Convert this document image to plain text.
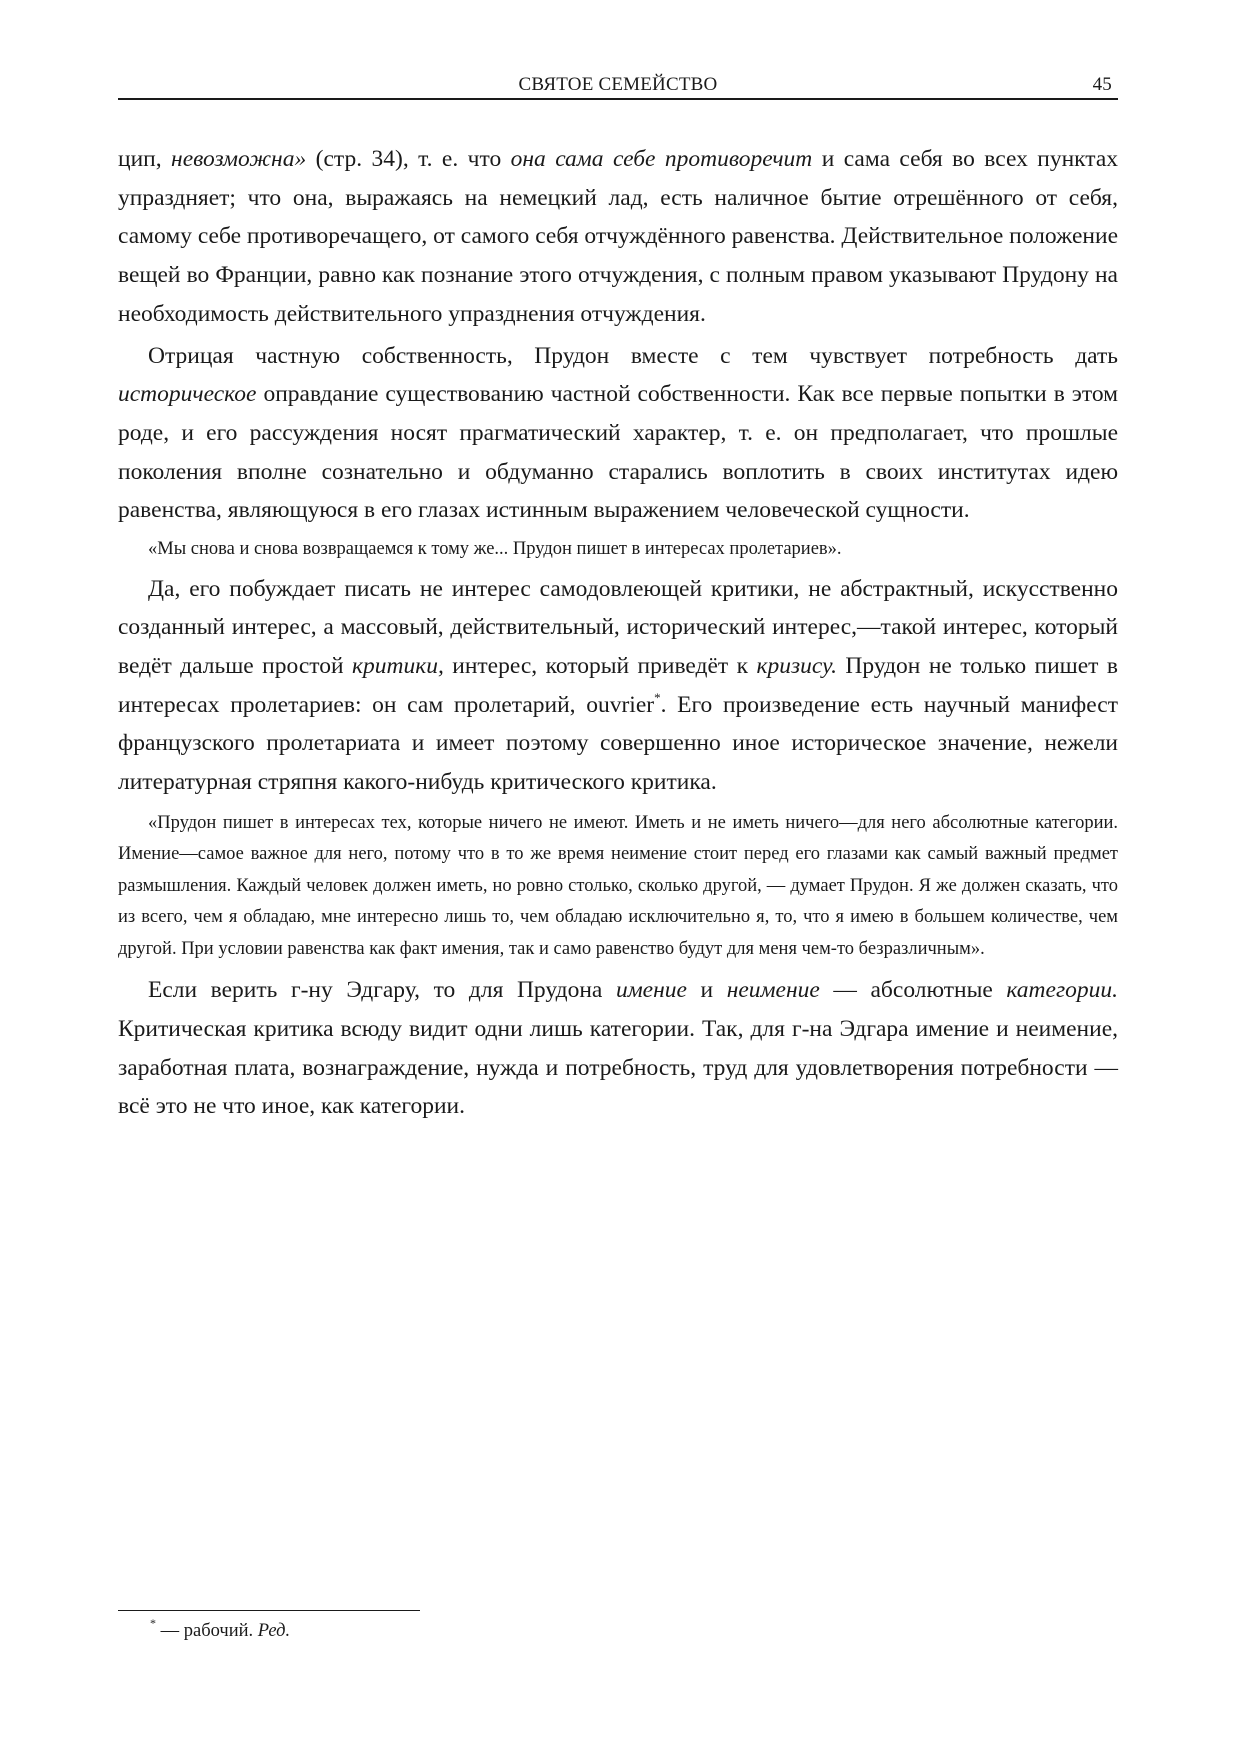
СВЯТОЕ СЕМЕЙСТВО	45

цип, невозможна» (стр. 34), т. е. что она сама себе противоречит и сама себя во всех пунктах упраздняет; что она, выражаясь на немецкий лад, есть наличное бытие отрешённого от себя, самому себе противоречащего, от самого себя отчуждённого равенства. Действительное положение вещей во Франции, равно как познание этого отчуждения, с полным правом указывают Прудону на необходимость действительного упразднения отчуждения.

Отрицая частную собственность, Прудон вместе с тем чувствует потребность дать историческое оправдание существованию частной собственности. Как все первые попытки в этом роде, и его рассуждения носят прагматический характер, т. е. он предполагает, что прошлые поколения вполне сознательно и обдуманно старались воплотить в своих институтах идею равенства, являющуюся в его глазах истинным выражением человеческой сущности.

«Мы снова и снова возвращаемся к тому же... Прудон пишет в интересах пролетариев».

Да, его побуждает писать не интерес самодовлеющей критики, не абстрактный, искусственно созданный интерес, а массовый, действительный, исторический интерес,—такой интерес, который ведёт дальше простой критики, интерес, который приведёт к кризису. Прудон не только пишет в интересах пролетариев: он сам пролетарий, ouvrier*. Его произведение есть научный манифест французского пролетариата и имеет поэтому совершенно иное историческое значение, нежели литературная стряпня какого-нибудь критического критика.

«Прудон пишет в интересах тех, которые ничего не имеют. Иметь и не иметь ничего—для него абсолютные категории. Имение—самое важное для него, потому что в то же время неимение стоит перед его глазами как самый важный предмет размышления. Каждый человек должен иметь, но ровно столько, сколько другой, — думает Прудон. Я же должен сказать, что из всего, чем я обладаю, мне интересно лишь то, чем обладаю исключительно я, то, что я имею в большем количестве, чем другой. При условии равенства как факт имения, так и само равенство будут для меня чем-то безразличным».

Если верить г-ну Эдгару, то для Прудона имение и неимение — абсолютные категории. Критическая критика всюду видит одни лишь категории. Так, для г-на Эдгара имение и неимение, заработная плата, вознаграждение, нужда и потребность, труд для удовлетворения потребности — всё это не что иное, как категории.

* — рабочий. Ред.
